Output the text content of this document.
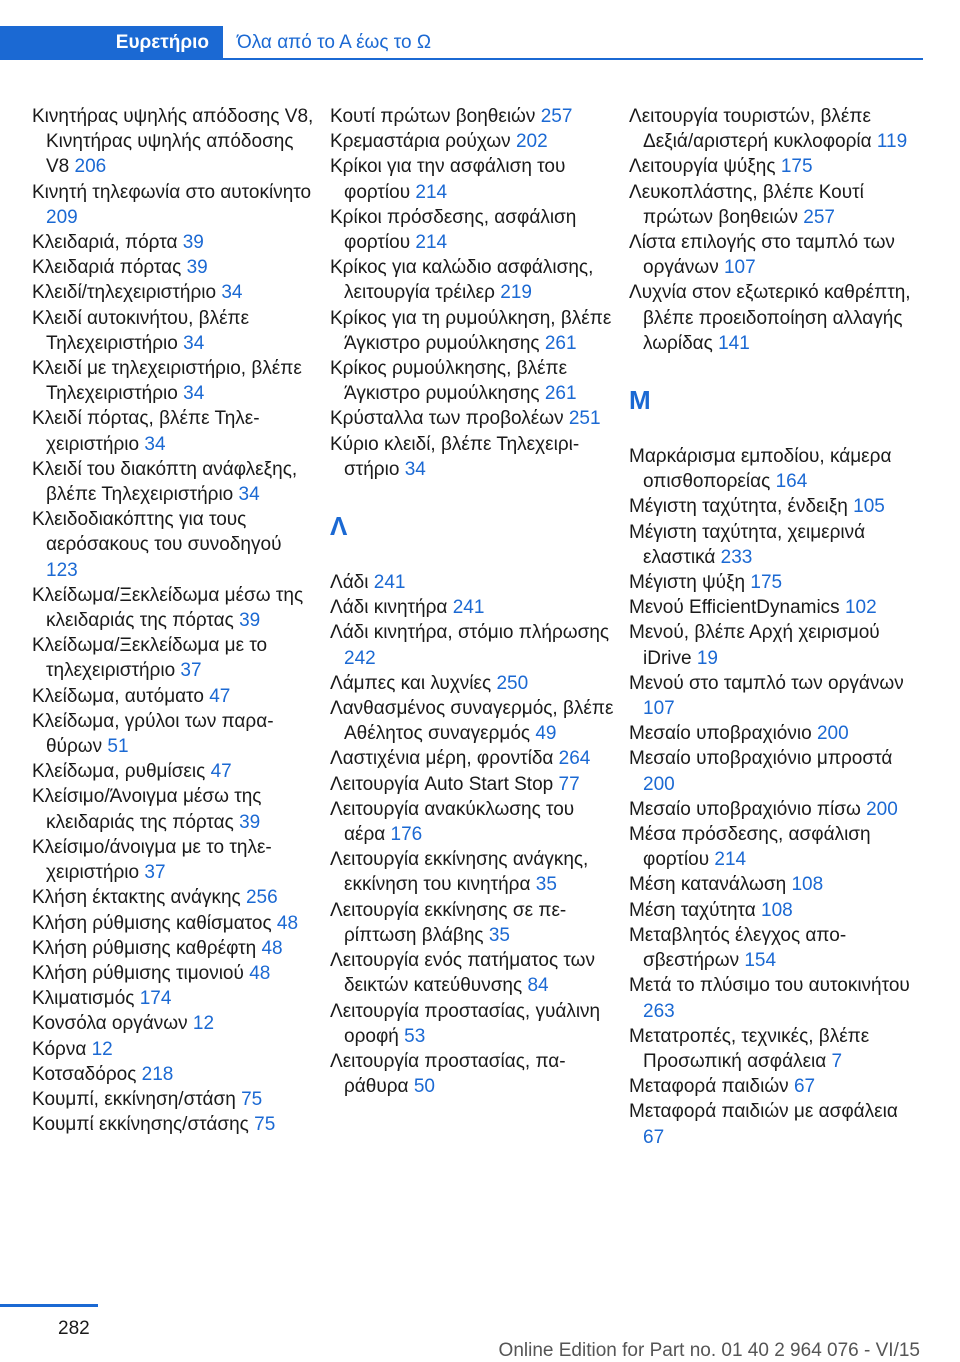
Ευρετήριο	Όλα από το Α έως το Ω

Κινητήρας υψηλής απόδοσης V8, Κινητήρας υψηλής απόδοσης V8 206

Κινητή τηλεφωνία στο αυτοκίνητο 209

Κλειδαριά, πόρτα 39

Κλειδαριά πόρτας 39

Κλειδί/τηλεχειριστήριο 34

Κλειδί αυτοκινήτου, βλέπε Τηλεχειριστήριο 34

Κλειδί με τηλεχειριστήριο, βλέπε Τηλεχειριστήριο 34

Κλειδί πόρτας, βλέπε Τηλεχειριστήριο 34

Κλειδί του διακόπτη ανάφλεξης, βλέπε Τηλεχειριστήριο 34

Κλειδοδιακόπτης για τους αερόσακους του συνοδηγού 123

Κλείδωμα/Ξεκλείδωμα μέσω της κλειδαριάς της πόρτας 39

Κλείδωμα/Ξεκλείδωμα με το τηλεχειριστήριο 37

Κλείδωμα, αυτόματο 47

Κλείδωμα, γρύλοι των παραθύρων 51

Κλείδωμα, ρυθμίσεις 47

Κλείσιμο/Άνοιγμα μέσω της κλειδαριάς της πόρτας 39

Κλείσιμο/άνοιγμα με το τηλεχειριστήριο 37

Κλήση έκτακτης ανάγκης 256

Κλήση ρύθμισης καθίσματος 48

Κλήση ρύθμισης καθρέφτη 48

Κλήση ρύθμισης τιμονιού 48

Κλιματισμός 174

Κονσόλα οργάνων 12

Κόρνα 12

Κοτσαδόρος 218

Κουμπί, εκκίνηση/στάση 75

Κουμπί εκκίνησης/στάσης 75

Κουτί πρώτων βοηθειών 257

Κρεμαστάρια ρούχων 202

Κρίκοι για την ασφάλιση του φορτίου 214

Κρίκοι πρόσδεσης, ασφάλιση φορτίου 214

Κρίκος για καλώδιο ασφάλισης, λειτουργία τρέιλερ 219

Κρίκος για τη ρυμούλκηση, βλέπε Άγκιστρο ρυμούλκησης 261

Κρίκος ρυμούλκησης, βλέπε Άγκιστρο ρυμούλκησης 261

Κρύσταλλα των προβολέων 251

Κύριο κλειδί, βλέπε Τηλεχειριστήριο 34

Λ

Λάδι 241

Λάδι κινητήρα 241

Λάδι κινητήρα, στόμιο πλήρωσης 242

Λάμπες και λυχνίες 250

Λανθασμένος συναγερμός, βλέπε Αθέλητος συναγερμός 49

Λαστιχένια μέρη, φροντίδα 264

Λειτουργία Auto Start Stop 77

Λειτουργία ανακύκλωσης του αέρα 176

Λειτουργία εκκίνησης ανάγκης, εκκίνηση του κινητήρα 35

Λειτουργία εκκίνησης σε περίπτωση βλάβης 35

Λειτουργία ενός πατήματος των δεικτών κατεύθυνσης 84

Λειτουργία προστασίας, γυάλινη οροφή 53

Λειτουργία προστασίας, παράθυρα 50

Λειτουργία τουριστών, βλέπε Δεξιά/αριστερή κυκλοφορία 119

Λειτουργία ψύξης 175

Λευκοπλάστης, βλέπε Κουτί πρώτων βοηθειών 257

Λίστα επιλογής στο ταμπλό των οργάνων 107

Λυχνία στον εξωτερικό καθρέπτη, βλέπε προειδοποίηση αλλαγής λωρίδας 141

Μ

Μαρκάρισμα εμποδίου, κάμερα οπισθοπορείας 164

Μέγιστη ταχύτητα, ένδειξη 105

Μέγιστη ταχύτητα, χειμερινά ελαστικά 233

Μέγιστη ψύξη 175

Μενού EfficientDynamics 102

Μενού, βλέπε Αρχή χειρισμού iDrive 19

Μενού στο ταμπλό των οργάνων 107

Μεσαίο υποβραχιόνιο 200

Μεσαίο υποβραχιόνιο μπροστά 200

Μεσαίο υποβραχιόνιο πίσω 200

Μέσα πρόσδεσης, ασφάλιση φορτίου 214

Μέση κατανάλωση 108

Μέση ταχύτητα 108

Μεταβλητός έλεγχος αποσβεστήρων 154

Μετά το πλύσιμο του αυτοκινήτου 263

Μετατροπές, τεχνικές, βλέπε Προσωπική ασφάλεια 7

Μεταφορά παιδιών 67

Μεταφορά παιδιών με ασφάλεια 67

282
Online Edition for Part no. 01 40 2 964 076 - VI/15
